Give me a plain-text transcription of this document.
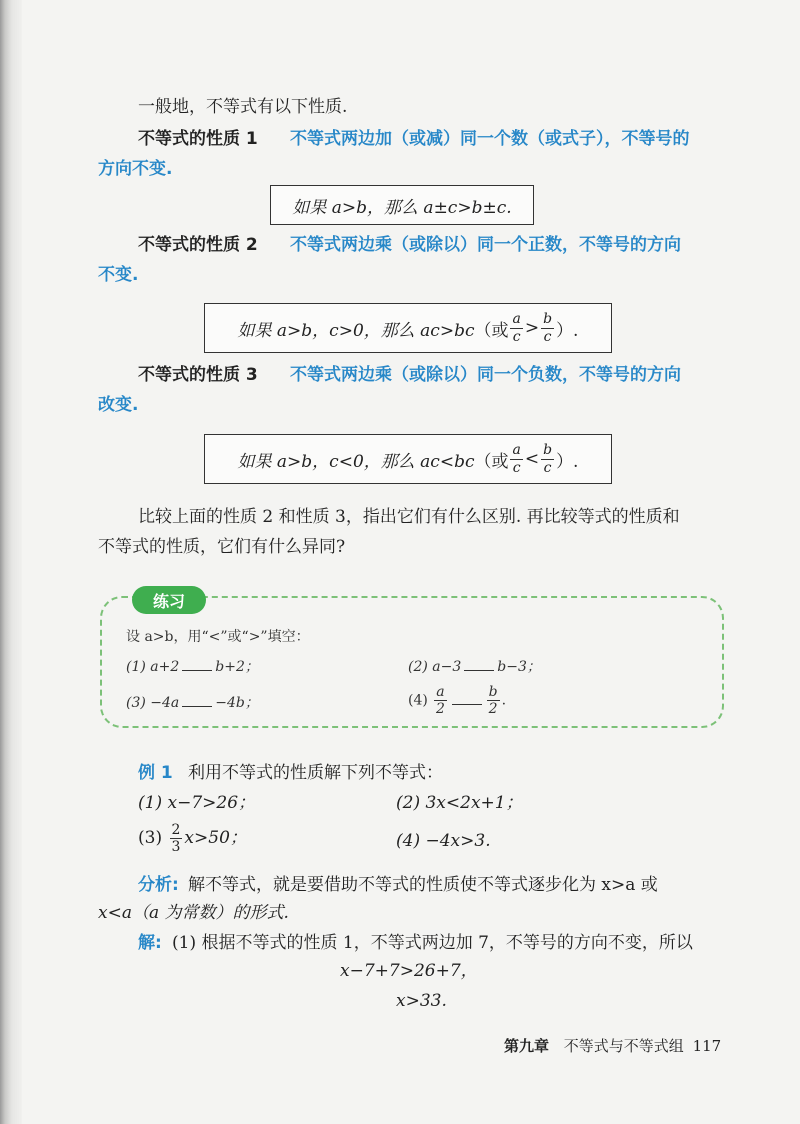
一般地，不等式有以下性质.
不等式的性质 1 不等式两边加（或减）同一个数（或式子），不等号的
方向不变.
如果 a>b，那么 a±c>b±c.
不等式的性质 2 不等式两边乘（或除以）同一个正数，不等号的方向
不变.
如果 a>b，c>0，那么 ac>bc （或 $\frac{a}{c} > \frac{b}{c}$ ）.
不等式的性质 3 不等式两边乘（或除以）同一个负数，不等号的方向
改变.
如果 a>b，c<0，那么 ac<bc （或 $\frac{a}{c} < \frac{b}{c}$ ）.
比较上面的性质 2 和性质 3，指出它们有什么区别. 再比较等式的性质和
不等式的性质，它们有什么异同?
练习
设 a>b，用“<”或“>”填空：
(1) a+2	b+2；	(2) a−3	b−3；
(3) −4a	−4b；	$(4) \frac{a}{2}$	$\frac{b}{2}$ .
例 1 利用不等式的性质解下列不等式：
(1) x−7>26；	(2) 3x<2x+1；
$(3) \frac{2}{3} x>50$；	(4) −4x>3.
分析: 解不等式，就是要借助不等式的性质使不等式逐步化为 x>a 或
x<a（a 为常数）的形式.
解: (1) 根据不等式的性质 1，不等式两边加 7，不等号的方向不变，所以
x−7+7>26+7，
x>33.
第九章 不等式与不等式组 117
